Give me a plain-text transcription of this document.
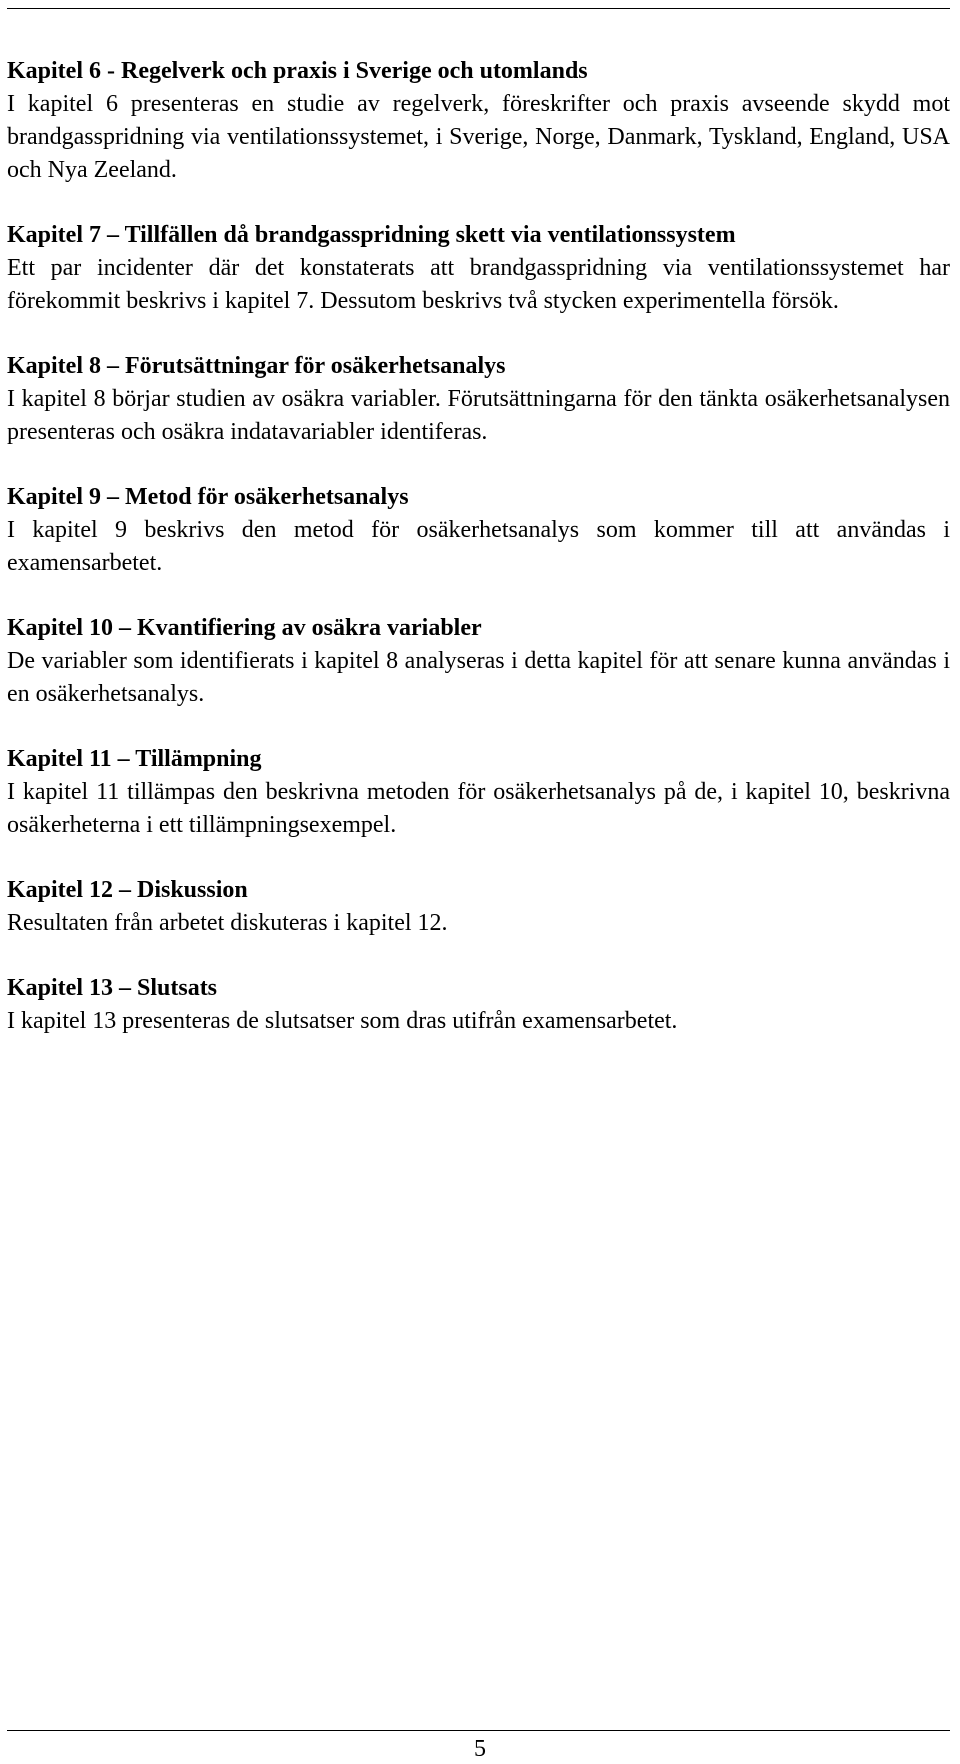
Kapitel 6 - Regelverk och praxis i Sverige och utomlands
I kapitel 6 presenteras en studie av regelverk, föreskrifter och praxis avseende skydd mot brandgasspridning via ventilationssystemet, i Sverige, Norge, Danmark, Tyskland, England, USA och Nya Zeeland.
Kapitel 7 – Tillfällen då brandgasspridning skett via ventilationssystem
Ett par incidenter där det konstaterats att brandgasspridning via ventilationssystemet har förekommit beskrivs i kapitel 7. Dessutom beskrivs två stycken experimentella försök.
Kapitel 8 – Förutsättningar för osäkerhetsanalys
I kapitel 8 börjar studien av osäkra variabler. Förutsättningarna för den tänkta osäkerhetsanalysen presenteras och osäkra indatavariabler identiferas.
Kapitel 9 – Metod för osäkerhetsanalys
I kapitel 9 beskrivs den metod för osäkerhetsanalys som kommer till att användas i examensarbetet.
Kapitel 10 – Kvantifiering av osäkra variabler
De variabler som identifierats i kapitel 8 analyseras i detta kapitel för att senare kunna användas i en osäkerhetsanalys.
Kapitel 11 – Tillämpning
I kapitel 11 tillämpas den beskrivna metoden för osäkerhetsanalys på de, i kapitel 10, beskrivna osäkerheterna i ett tillämpningsexempel.
Kapitel 12 – Diskussion
Resultaten från arbetet diskuteras i kapitel 12.
Kapitel 13 – Slutsats
I kapitel 13 presenteras de slutsatser som dras utifrån examensarbetet.
5
